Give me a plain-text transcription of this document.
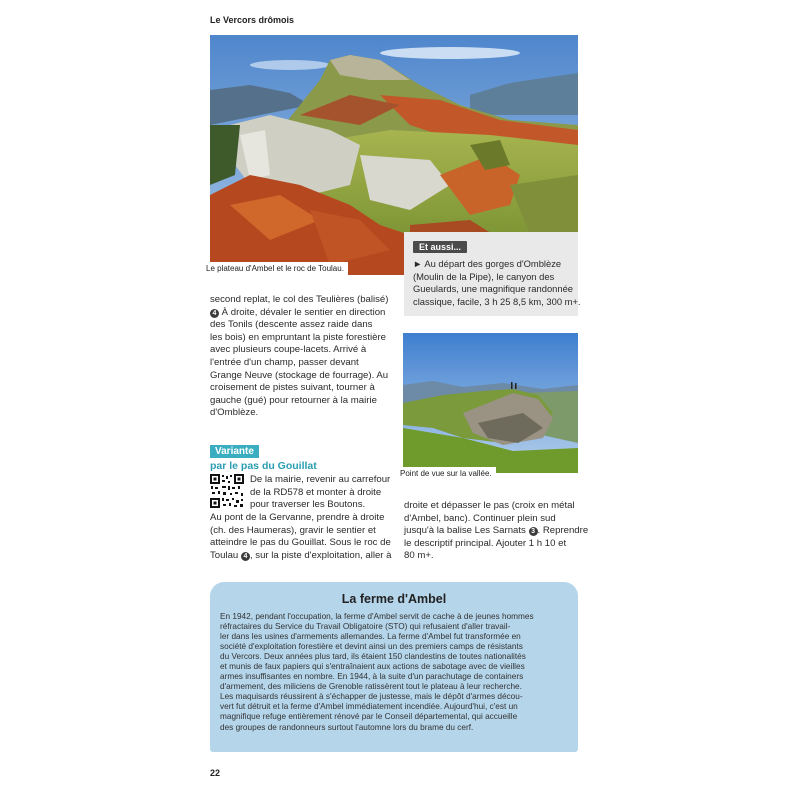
Le Vercors drômois
Le plateau d'Ambel et le roc de Toulau.
Et aussi...
► Au départ des gorges d'Omblèze
(Moulin de la Pipe), le canyon des
Gueulards, une magnifique randonnée
classique, facile, 3 h 25 8,5 km, 300 m+.
second replat, le col des Teulières (balisé)
4 À droite, dévaler le sentier en direction
des Tonils (descente assez raide dans
les bois) en empruntant la piste forestière
avec plusieurs coupe-lacets. Arrivé à
l'entrée d'un champ, passer devant
Grange Neuve (stockage de fourrage). Au
croisement de pistes suivant, tourner à
gauche (gué) pour retourner à la mairie
d'Omblèze.
Point de vue sur la vallée.
Variante
par le pas du Gouillat
De la mairie, revenir au carrefour
de la RD578 et monter à droite
pour traverser les Boutons.
Au pont de la Gervanne, prendre à droite
(ch. des Haumeras), gravir le sentier et
atteindre le pas du Gouillat. Sous le roc de
Toulau 4 , sur la piste d'exploitation, aller à
droite et dépasser le pas (croix en métal
d'Ambel, banc). Continuer plein sud
jusqu'à la balise Les Sarnats 3 . Reprendre
le descriptif principal. Ajouter 1 h 10 et
80 m+.
La ferme d'Ambel
En 1942, pendant l'occupation, la ferme d'Ambel servit de cache à de jeunes hommes
réfractaires du Service du Travail Obligatoire (STO) qui refusaient d'aller travail-
ler dans les usines d'armements allemandes. La ferme d'Ambel fut transformée en
société d'exploitation forestière et devint ainsi un des premiers camps de résistants
du Vercors. Deux années plus tard, ils étaient 150 clandestins de toutes nationalités
et munis de faux papiers qui s'entraînaient aux actions de sabotage avec de vieilles
armes insuffisantes en nombre. En 1944, à la suite d'un parachutage de containers
d'armement, des miliciens de Grenoble ratissèrent tout le plateau à leur recherche.
Les maquisards réussirent à s'échapper de justesse, mais le dépôt d'armes décou-
vert fut détruit et la ferme d'Ambel immédiatement incendiée. Aujourd'hui, c'est un
magnifique refuge entièrement rénové par le Conseil départemental, qui accueille
des groupes de randonneurs surtout l'automne lors du brame du cerf.
22
